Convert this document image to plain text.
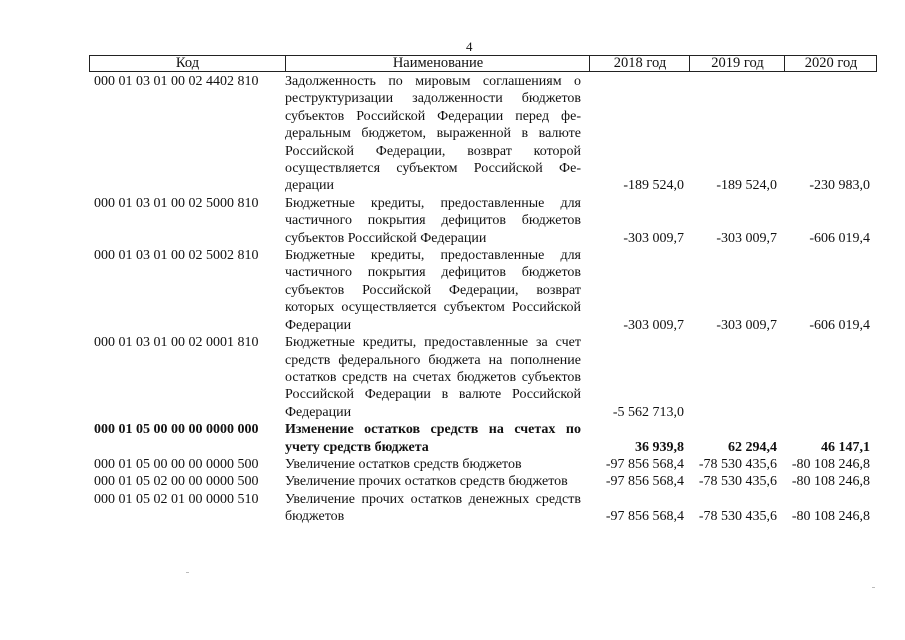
4
Код	Наименование	2018 год	2019 год	2020 год
000 01 03 01 00 02 4402 810	Задолженность по мировым соглашениям о реструктуризации задолженности бюджетов субъектов Российской Федерации перед федеральным бюджетом, выраженной в валюте Российской Федерации, возврат которой осуществляется субъектом Российской Федерации	-189 524,0	-189 524,0	-230 983,0
000 01 03 01 00 02 5000 810	Бюджетные кредиты, предоставленные для частичного покрытия дефицитов бюджетов субъектов Российской Федерации	-303 009,7	-303 009,7	-606 019,4
000 01 03 01 00 02 5002 810	Бюджетные кредиты, предоставленные для частичного покрытия дефицитов бюджетов субъектов Российской Федерации, возврат которых осуществляется субъектом Российской Федерации	-303 009,7	-303 009,7	-606 019,4
000 01 03 01 00 02 0001 810	Бюджетные кредиты, предоставленные за счет средств федерального бюджета на пополнение остатков средств на счетах бюджетов субъектов Российской Федерации в валюте Российской Федерации	-5 562 713,0
000 01 05 00 00 00 0000 000	Изменение остатков средств на счетах по учету средств бюджета	36 939,8	62 294,4	46 147,1
000 01 05 00 00 00 0000 500	Увеличение остатков средств бюджетов	-97 856 568,4	-78 530 435,6	-80 108 246,8
000 01 05 02 00 00 0000 500	Увеличение прочих остатков средств бюджетов	-97 856 568,4	-78 530 435,6	-80 108 246,8
000 01 05 02 01 00 0000 510	Увеличение прочих остатков денежных средств бюджетов	-97 856 568,4	-78 530 435,6	-80 108 246,8
